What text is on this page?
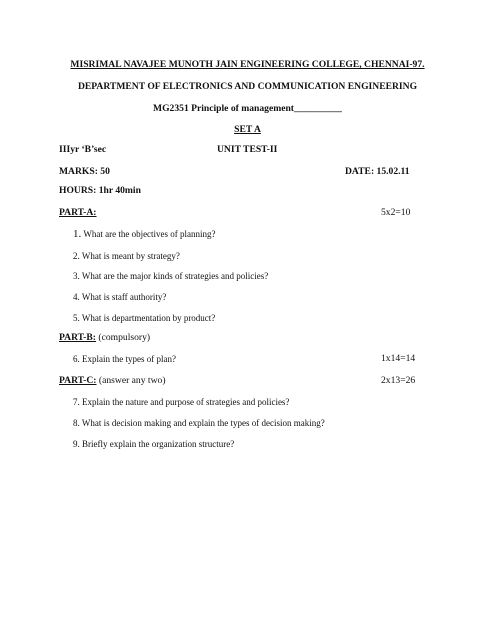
MISRIMAL NAVAJEE MUNOTH JAIN ENGINEERING COLLEGE, CHENNAI-97.
DEPARTMENT OF ELECTRONICS AND COMMUNICATION ENGINEERING
MG2351 Principle of management__________
SET A
IIIyr ‘B’sec	UNIT TEST-II
MARKS: 50	DATE: 15.02.11
HOURS: 1hr 40min
PART-A:	5x2=10
1. What are the objectives of planning?
2. What is meant by strategy?
3. What are the major kinds of strategies and policies?
4. What is staff authority?
5. What is departmentation by product?
PART-B: (compulsory)
6. Explain the types of plan?	1x14=14
PART-C: (answer any two)	2x13=26
7. Explain the nature and purpose of strategies and policies?
8. What is decision making and explain the types of decision making?
9. Briefly explain the organization structure?
